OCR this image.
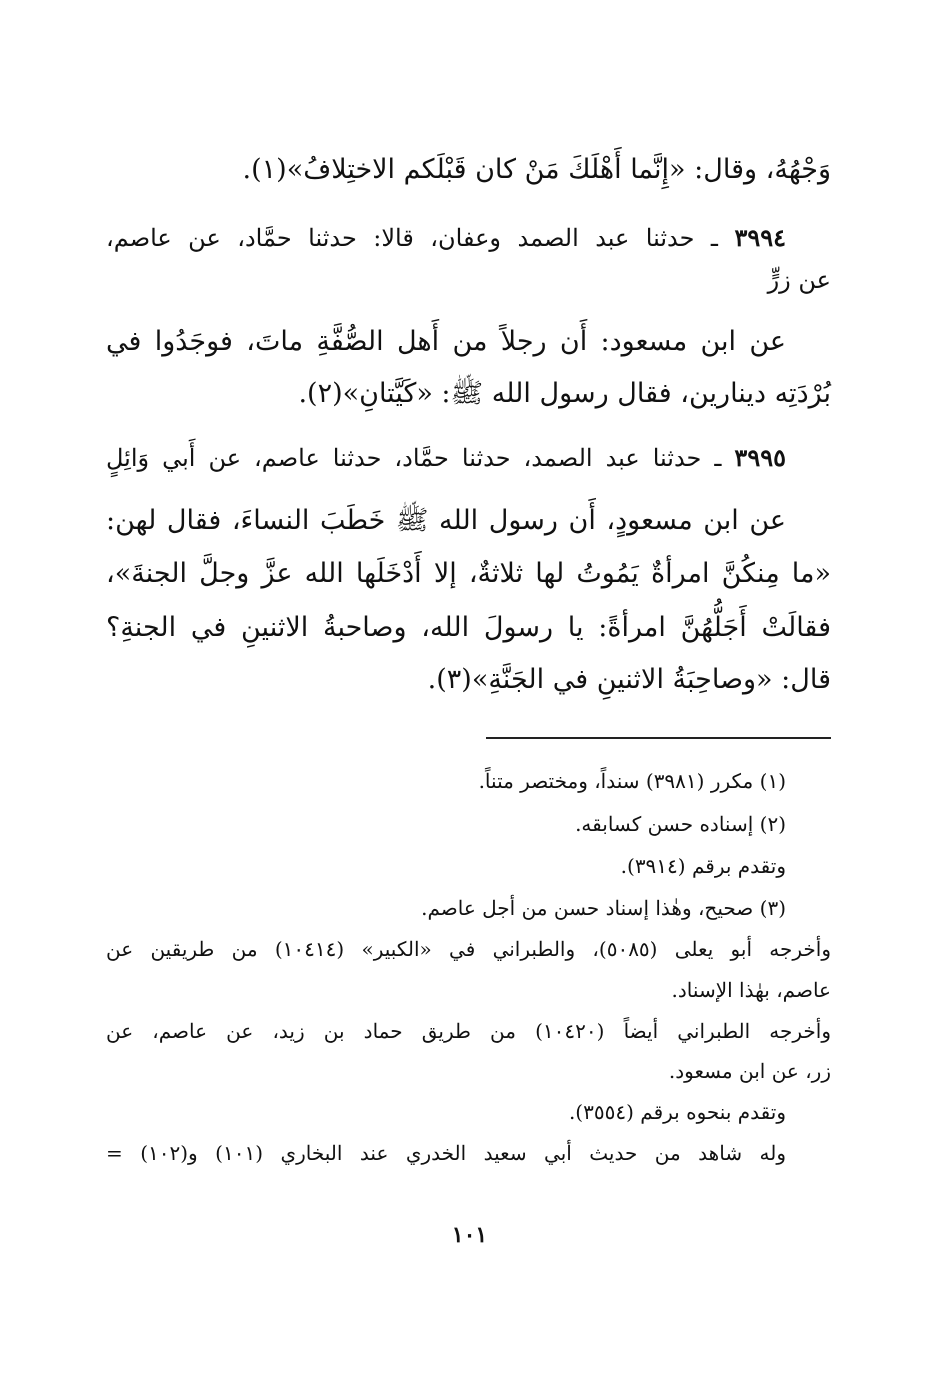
وَجْهُهُ، وقال: «إِنَّما أَهْلَكَ مَنْ كان قَبْلَكم الاختِلافُ»(١).
٣٩٩٤ ـ حدثنا عبد الصمد وعفان، قالا: حدثنا حمَّاد، عن عاصم،
عن زرٍّ
عن ابن مسعود: أَن رجلاً من أَهل الصُّفَّةِ ماتَ، فوجَدُوا في
بُرْدَتِه دينارين، فقال رسول الله ﷺ: «كَيَّتانِ»(٢).
٣٩٩٥ ـ حدثنا عبد الصمد، حدثنا حمَّاد، حدثنا عاصم، عن أَبي وَائِلٍ
عن ابن مسعودٍ، أَن رسول الله ﷺ خَطَبَ النساءَ، فقال لهن:
«ما مِنكُنَّ امرأةٌ يَمُوتُ لها ثلاثةٌ، إلا أَدْخَلَها الله عزَّ وجلَّ الجنةَ»،
فقالَتْ أَجَلُّهُنَّ امرأةً: يا رسولَ الله، وصاحبةُ الاثنينِ في الجنةِ؟
قال: «وصاحِبَةُ الاثنينِ في الجَنَّةِ»(٣).
(١) مكرر (٣٩٨١) سنداً، ومختصر متناً.
(٢) إسناده حسن كسابقه.
وتقدم برقم (٣٩١٤).
(٣) صحيح، وهٰذا إسناد حسن من أجل عاصم.
وأخرجه أبو يعلى (٥٠٨٥)، والطبراني في «الكبير» (١٠٤١٤) من طريقين عن
عاصم، بهٰذا الإسناد.
وأخرجه الطبراني أيضاً (١٠٤٢٠) من طريق حماد بن زيد، عن عاصم، عن
زر، عن ابن مسعود.
وتقدم بنحوه برقم (٣٥٥٤).
وله شاهد من حديث أبي سعيد الخدري عند البخاري (١٠١) و(١٠٢) =
١٠١
